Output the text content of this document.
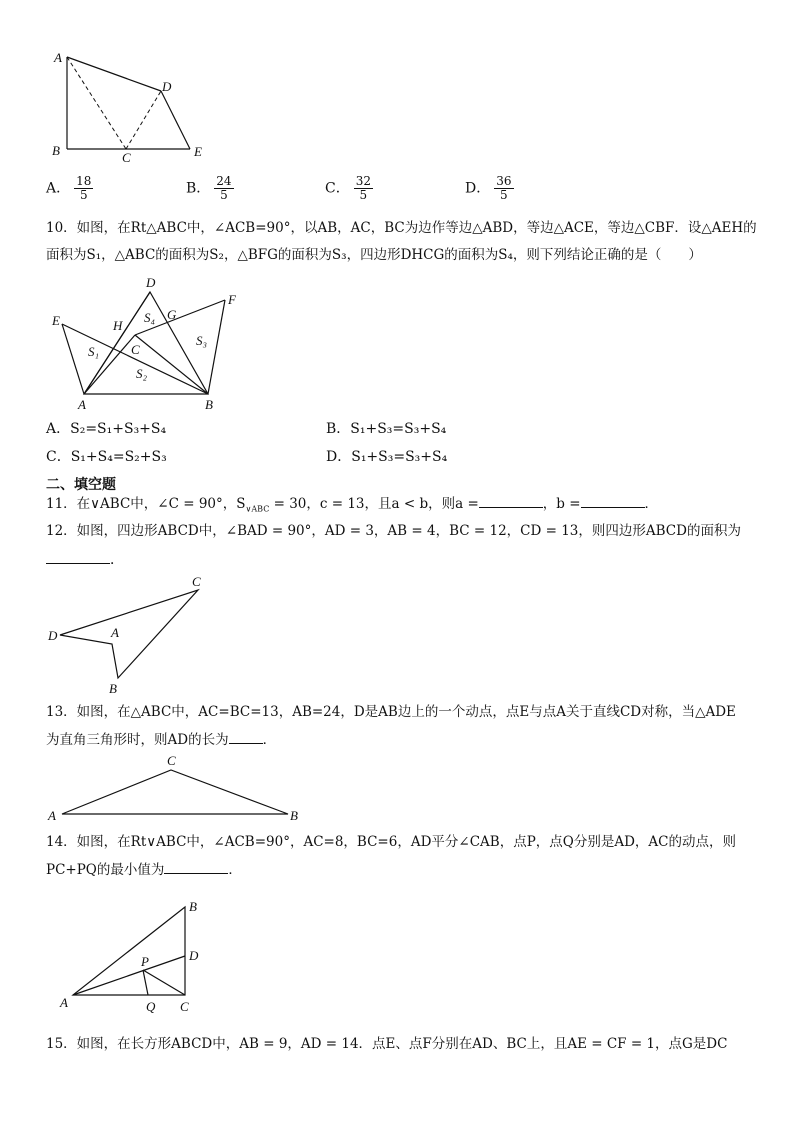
A
B	C
D
E
A． $\frac{18}{5}$	B． $\frac{24}{5}$	C． $\frac{32}{5}$	D． $\frac{36}{5}$
10．如图，在Rt△ABC中，∠ACB=90°，以AB，AC，BC为边作等边△ABD，等边△ACE，等边△CBF．设△AEH的
面积为S₁，△ABC的面积为S₂，△BFG的面积为S₃，四边形DHCG的面积为S₄，则下列结论正确的是（　　）
D
E
F
G
H
C
A	B
S₁
S₂
S₃
S₄
A．S₂=S₁+S₃+S₄	B．S₁+S₃=S₃+S₄
C．S₁+S₄=S₂+S₃	D．S₁+S₃=S₃+S₄
二、填空题
11．在∨ABC中，∠C = 90°，$S_{\vee ABC} = 30$，c = 13，且a < b，则a =	，b =	．
12．如图，四边形ABCD中，∠BAD = 90°，AD = 3，AB = 4，BC = 12，CD = 13，则四边形ABCD的面积为
．
C
D	A
B
13．如图，在△ABC中，AC=BC=13，AB=24，D是AB边上的一个动点，点E与点A关于直线CD对称，当△ADE
为直角三角形时，则AD的长为	．
C
A	B
14．如图，在Rt∨ABC中，∠ACB=90°，AC=8，BC=6，AD平分∠CAB，点P，点Q分别是AD，AC的动点，则
PC+PQ的最小值为	．
B
D
P
A	Q C
15．如图，在长方形ABCD中，AB = 9，AD = 14．点E、点F分别在AD、BC上，且AE = CF = 1，点G是DC
